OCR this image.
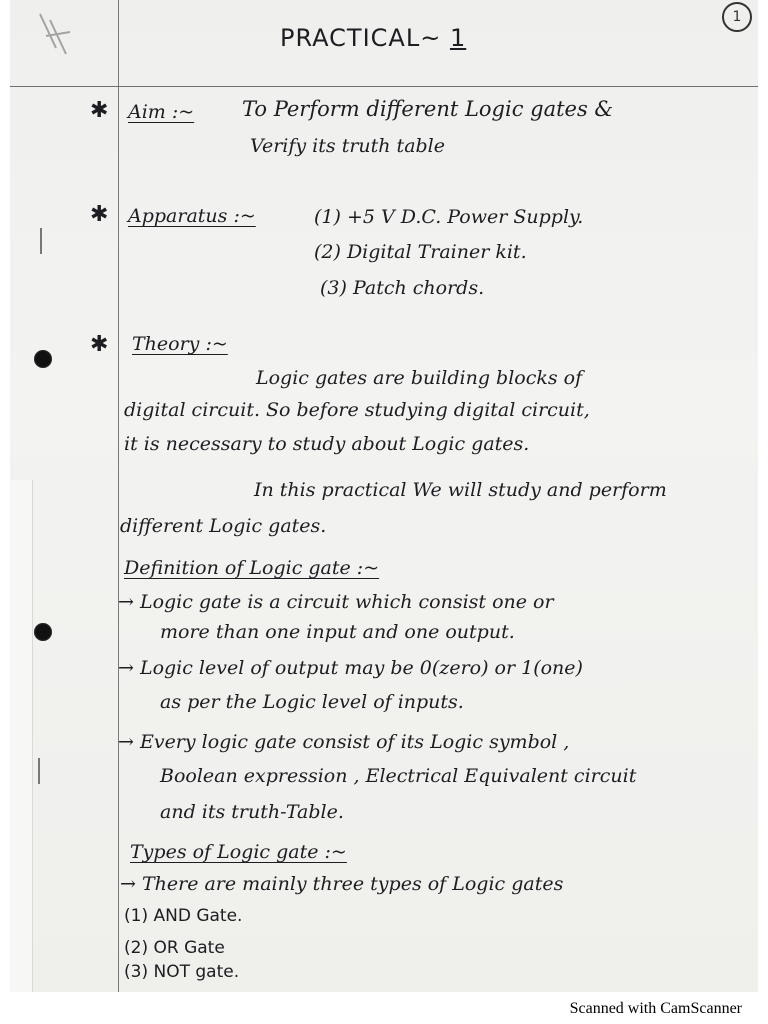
1
PRACTICAL~ 1
✱ Aim :~ To Perform different Logic gates &
Verify its truth table
✱ Apparatus :~	(1) +5 V D.C. Power Supply.
(2) Digital Trainer kit.
(3) Patch chords.
✱ Theory :~
Logic gates are building blocks of
digital circuit. So before studying digital circuit,
it is necessary to study about Logic gates.
In this practical We will study and perform
different Logic gates.
Definition of Logic gate :~
→ Logic gate is a circuit which consist one or
more than one input and one output.
→ Logic level of output may be 0(zero) or 1(one)
as per the Logic level of inputs.
→ Every logic gate consist of its Logic symbol ,
Boolean expression , Electrical Equivalent circuit
and its truth-Table.
Types of Logic gate :~
→ There are mainly three types of Logic gates
(1) AND Gate.
(2) OR Gate
(3) NOT gate.
Scanned with CamScanner
